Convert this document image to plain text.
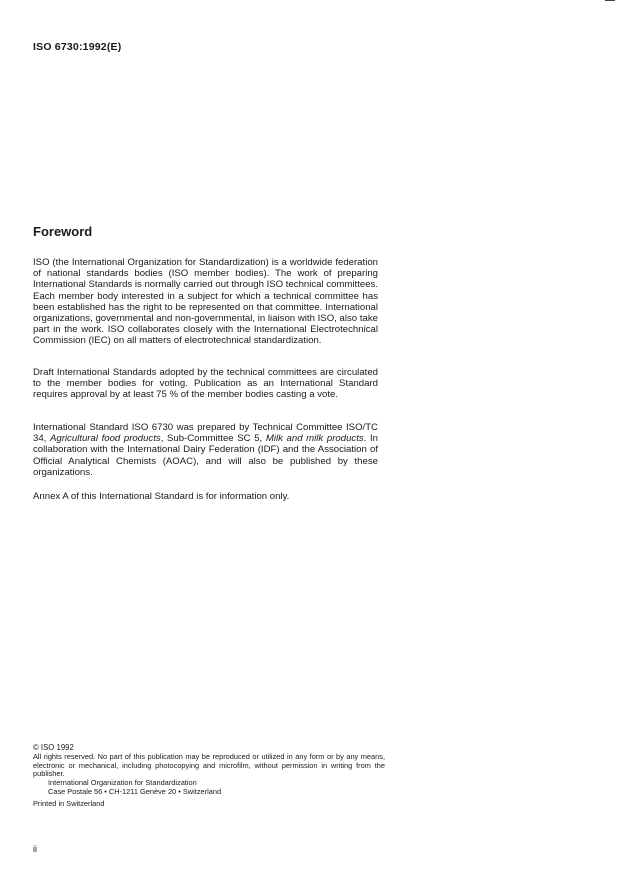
ISO 6730:1992(E)
Foreword

ISO (the International Organization for Standardization) is a worldwide federation of national standards bodies (ISO member bodies). The work of preparing International Standards is normally carried out through ISO technical committees. Each member body interested in a subject for which a technical committee has been established has the right to be represented on that committee. International organizations, governmental and non-governmental, in liaison with ISO, also take part in the work. ISO collaborates closely with the International Electrotechnical Commission (IEC) on all matters of electrotechnical standardization.

Draft International Standards adopted by the technical committees are circulated to the member bodies for voting. Publication as an International Standard requires approval by at least 75 % of the member bodies casting a vote.

International Standard ISO 6730 was prepared by Technical Committee ISO/TC 34, Agricultural food products, Sub-Committee SC 5, Milk and milk products. In collaboration with the International Dairy Federation (IDF) and the Association of Official Analytical Chemists (AOAC), and will also be published by these organizations.

Annex A of this International Standard is for information only.

© ISO 1992

All rights reserved. No part of this publication may be reproduced or utilized in any form or by any means, electronic or mechanical, including photocopying and microfilm, without permission in writing from the publisher.

International Organization for Standardization

Case Postale 56 • CH-1211 Genève 20 • Switzerland

Printed in Switzerland

ii
